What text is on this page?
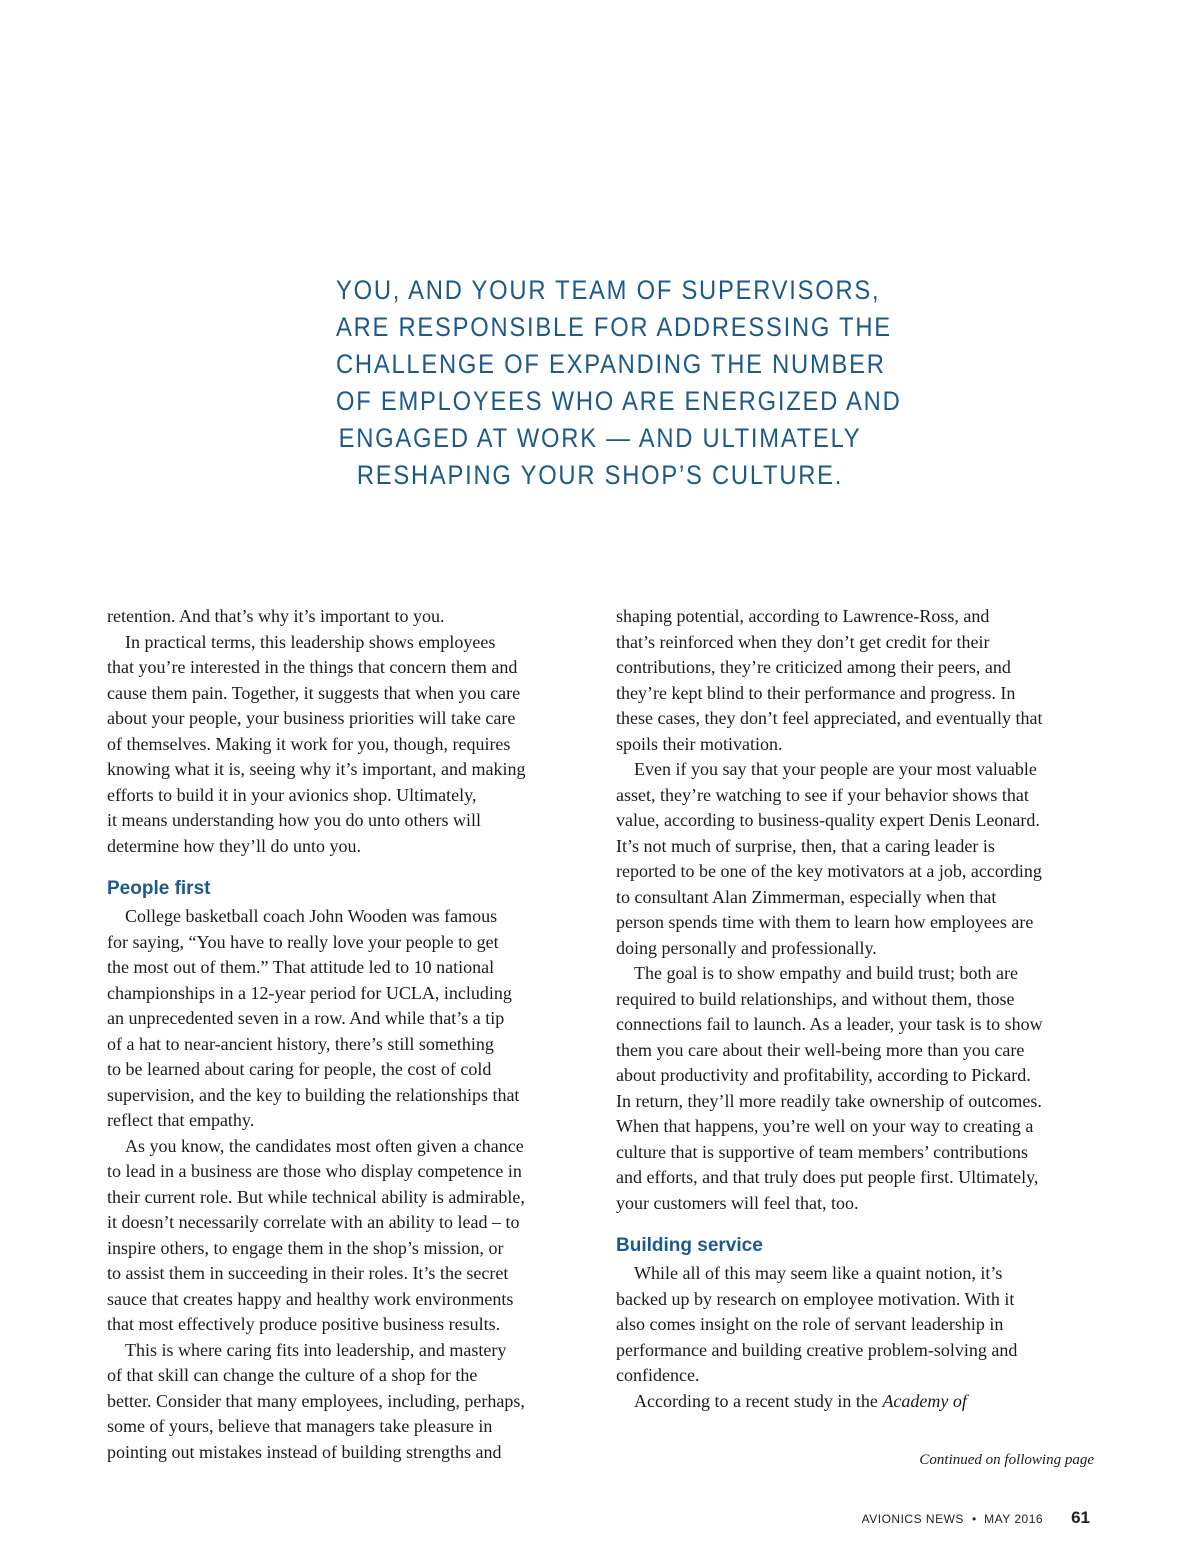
YOU, AND YOUR TEAM OF SUPERVISORS,
ARE RESPONSIBLE FOR ADDRESSING THE
CHALLENGE OF EXPANDING THE NUMBER
OF EMPLOYEES WHO ARE ENERGIZED AND
ENGAGED AT WORK — AND ULTIMATELY
RESHAPING YOUR SHOP’S CULTURE.
retention. And that’s why it’s important to you.
In practical terms, this leadership shows employees
that you’re interested in the things that concern them and
cause them pain. Together, it suggests that when you care
about your people, your business priorities will take care
of themselves. Making it work for you, though, requires
knowing what it is, seeing why it’s important, and making
efforts to build it in your avionics shop. Ultimately,
it means understanding how you do unto others will
determine how they’ll do unto you.
People first
College basketball coach John Wooden was famous
for saying, “You have to really love your people to get
the most out of them.” That attitude led to 10 national
championships in a 12-year period for UCLA, including
an unprecedented seven in a row. And while that’s a tip
of a hat to near-ancient history, there’s still something
to be learned about caring for people, the cost of cold
supervision, and the key to building the relationships that
reflect that empathy.
As you know, the candidates most often given a chance
to lead in a business are those who display competence in
their current role. But while technical ability is admirable,
it doesn’t necessarily correlate with an ability to lead – to
inspire others, to engage them in the shop’s mission, or
to assist them in succeeding in their roles. It’s the secret
sauce that creates happy and healthy work environments
that most effectively produce positive business results.
This is where caring fits into leadership, and mastery
of that skill can change the culture of a shop for the
better. Consider that many employees, including, perhaps,
some of yours, believe that managers take pleasure in
pointing out mistakes instead of building strengths and
shaping potential, according to Lawrence-Ross, and
that’s reinforced when they don’t get credit for their
contributions, they’re criticized among their peers, and
they’re kept blind to their performance and progress. In
these cases, they don’t feel appreciated, and eventually that
spoils their motivation.
Even if you say that your people are your most valuable
asset, they’re watching to see if your behavior shows that
value, according to business-quality expert Denis Leonard.
It’s not much of surprise, then, that a caring leader is
reported to be one of the key motivators at a job, according
to consultant Alan Zimmerman, especially when that
person spends time with them to learn how employees are
doing personally and professionally.
The goal is to show empathy and build trust; both are
required to build relationships, and without them, those
connections fail to launch. As a leader, your task is to show
them you care about their well-being more than you care
about productivity and profitability, according to Pickard.
In return, they’ll more readily take ownership of outcomes.
When that happens, you’re well on your way to creating a
culture that is supportive of team members’ contributions
and efforts, and that truly does put people first. Ultimately,
your customers will feel that, too.
Building service
While all of this may seem like a quaint notion, it’s
backed up by research on employee motivation. With it
also comes insight on the role of servant leadership in
performance and building creative problem-solving and
confidence.
According to a recent study in the Academy of
Continued on following page
AVIONICS NEWS • MAY 2016 61
